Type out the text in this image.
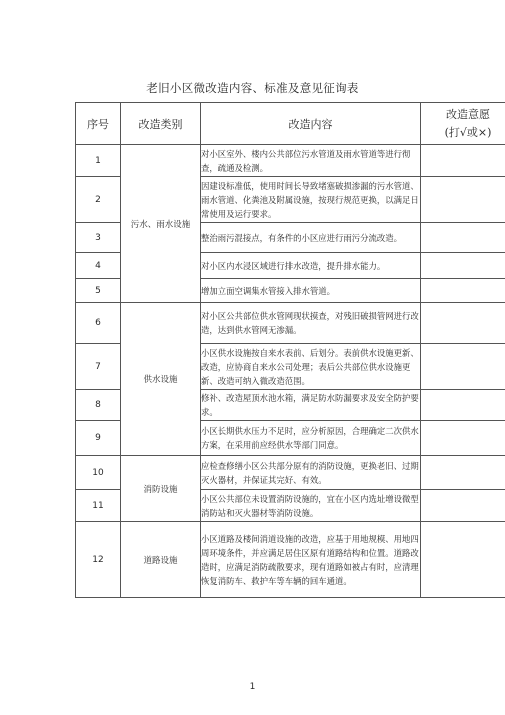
老旧小区微改造内容、标准及意见征询表
序号	改造类别	改造内容	改造意愿
(打√或×)

1	污水、雨水设施	对小区室外、楼内公共部位污水管道及雨水管道等进行彻查，疏通及检测。	
2		因建设标准低，使用时间长导致堵塞破损渗漏的污水管道、雨水管道、化粪池及附属设施，按现行规范更换，以满足日常使用及运行要求。	
3		整治雨污混接点，有条件的小区应进行雨污分流改造。	
4		对小区内水浸区域进行排水改造，提升排水能力。	
5		增加立面空调集水管接入排水管道。	
6	供水设施	对小区公共部位供水管网现状摸查，对残旧破损管网进行改造，达到供水管网无渗漏。	
7		小区供水设施按自来水表前、后划分。表前供水设施更新、改造，应协商自来水公司处理；表后公共部位供水设施更新、改造可纳入微改造范围。	
8		修补、改造屋顶水池水箱，满足防水防漏要求及安全防护要求。	
9		小区长期供水压力不足时，应分析原因，合理确定二次供水方案，在采用前应经供水等部门同意。	
10	消防设施	应检查修缮小区公共部分原有的消防设施，更换老旧、过期灭火器材，并保证其完好、有效。	
11		小区公共部位未设置消防设施的，宜在小区内选址增设微型消防站和灭火器材等消防设施。	
12	道路设施	小区道路及楼间消道设施的改造，应基于用地规模、用地四周环境条件，并应满足居住区原有道路结构和位置。道路改造时，应满足消防疏散要求，现有道路如被占有时，应清理恢复消防车、救护车等车辆的回车通道。	
1
